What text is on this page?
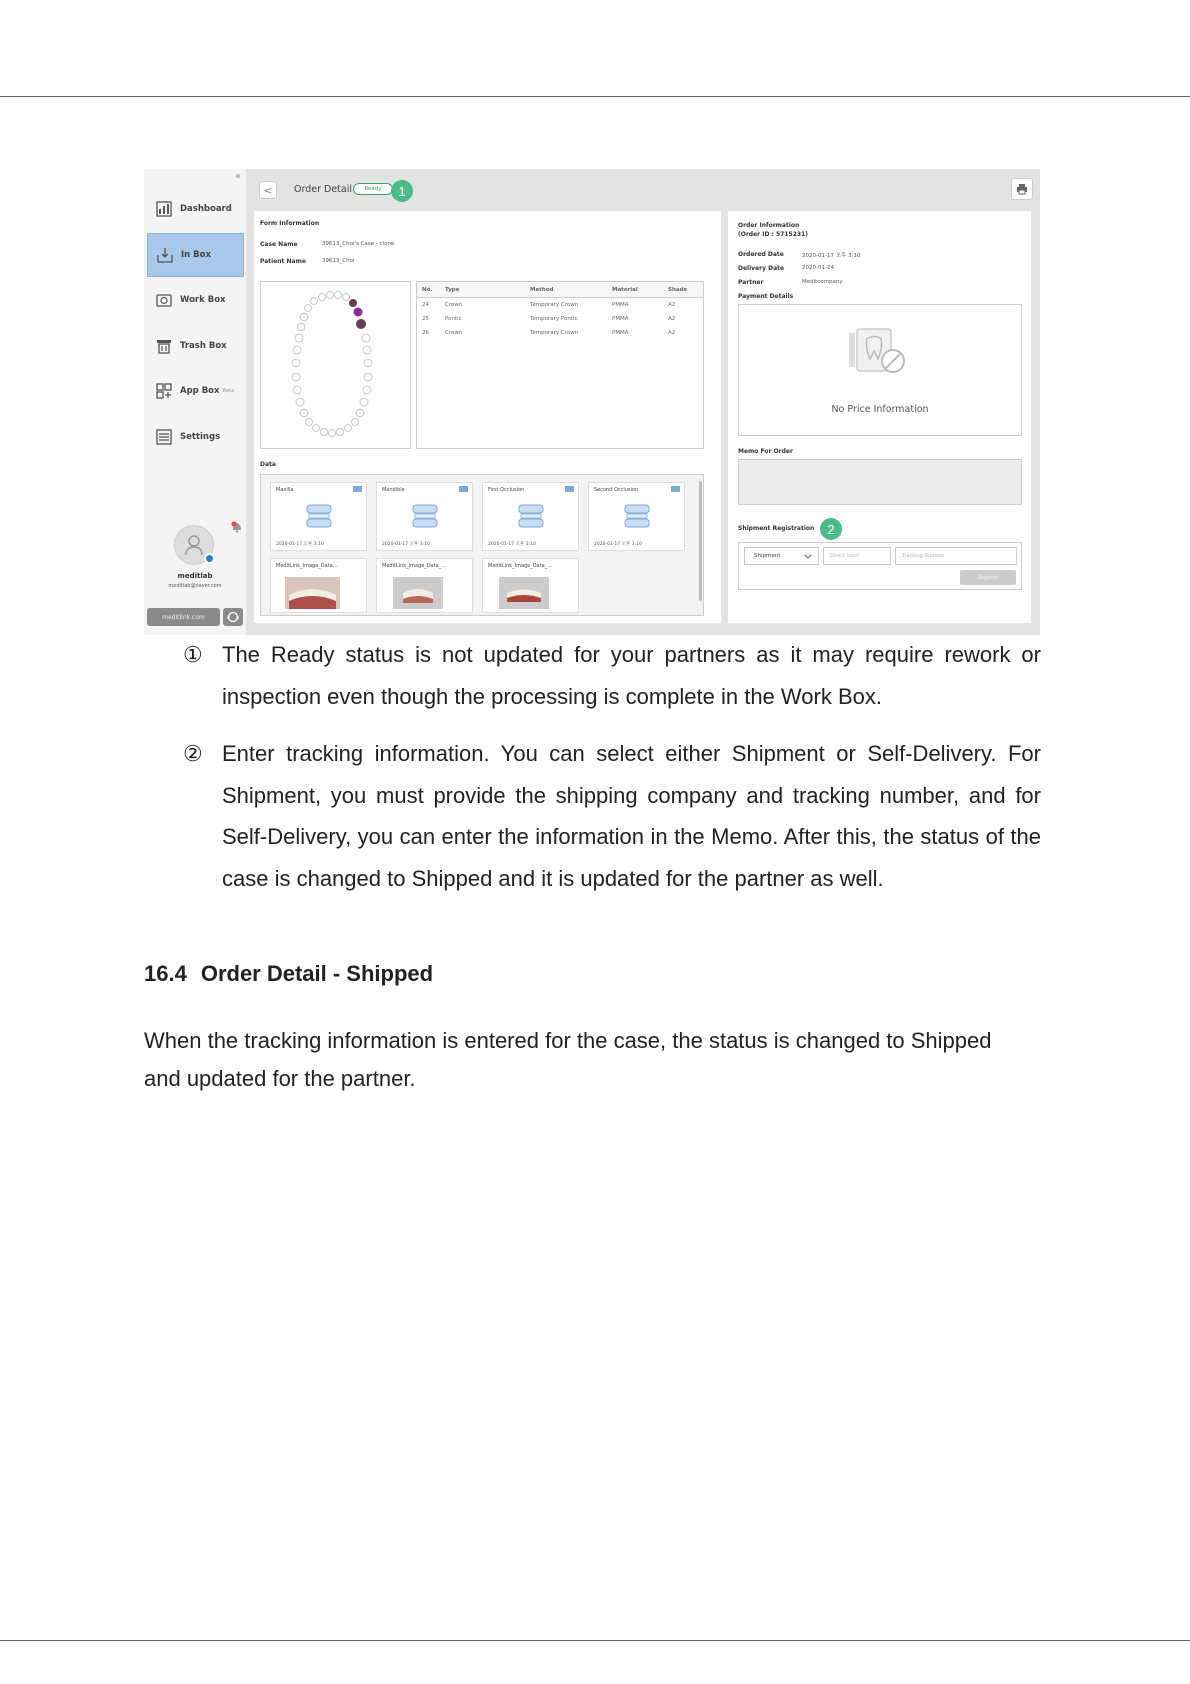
«
Dashboard
In Box
Work Box
Trash Box
App Box Beta
Settings
meditlab
meditlab@naver.com
meditlink.com
<	Order Detail	Ready	1
Form Information
Case Name	39613_Choi's Case - clone
Patient Name	39613_Choi
No.	Type	Method	Material	Shade
24	Crown	Temporary Crown	PMMA	A2
25	Pontic	Temporary Pontic	PMMA	A2
26	Crown	Temporary Crown	PMMA	A2
Data
Maxilla
2020-01-17 오후 3:10
Mandible
2020-01-17 오후 3:10
First Occlusion
2020-01-17 오후 3:10
Second Occlusion
2020-01-17 오후 3:10
MeditLink_Image_Data...	MeditLink_Image_Data_...	MeditLink_Image_Data_...
Order Information
(Order ID : 5715231)
Ordered Date	2020-01-17 오후 3:10
Delivery Date	2020-01-24
Partner	Meditcompany
Payment Details
No Price Information
Memo For Order
Shipment Registration	2
Shipment	Direct Input	Tracking Number
Register
① The Ready status is not updated for your partners as it may require rework or inspection even though the processing is complete in the Work Box.
② Enter tracking information. You can select either Shipment or Self-Delivery. For Shipment, you must provide the shipping company and tracking number, and for Self-Delivery, you can enter the information in the Memo. After this, the status of the case is changed to Shipped and it is updated for the partner as well.
16.4 Order Detail - Shipped
When the tracking information is entered for the case, the status is changed to Shipped and updated for the partner.
